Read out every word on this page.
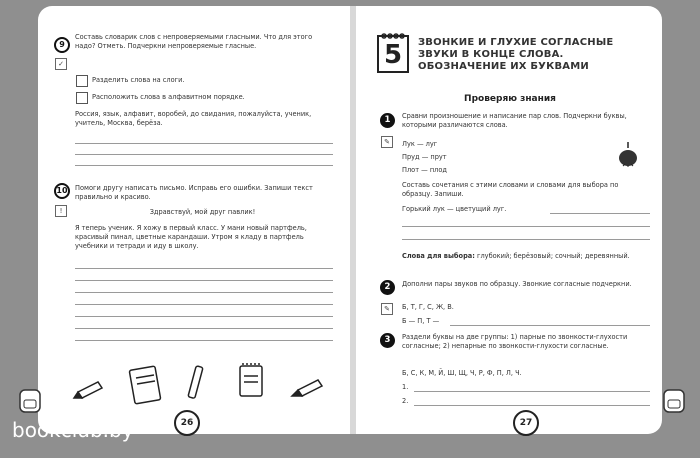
9
✓
Составь словарик слов с непроверяемыми гласными. Что для этого надо? Отметь. Подчеркни непроверяемые гласные.
Разделить слова на слоги.
Расположить слова в алфавитном порядке.
Россия, язык, алфавит, воробей, до свидания, пожалуйста, ученик, учитель, Москва, берёза.
10
!
Помоги другу написать письмо. Исправь его ошибки. Запиши текст правильно и красиво.
Здравствуй, мой друг павлик!
Я теперь ученик. Я хожу в первый класс. У мани новый партфель, красивый пинал, цветные карандаши. Утром я кладу в партфель учебники и тетради и иду в школу.
26
5	ЗВОНКИЕ И ГЛУХИЕ СОГЛАСНЫЕ ЗВУКИ В КОНЦЕ СЛОВА. ОБОЗНАЧЕНИЕ ИХ БУКВАМИ
Проверяю знания
1
✎
Сравни произношение и написание пар слов. Подчеркни буквы, которыми различаются слова.
Лук — луг
Пруд — прут
Плот — плод
Составь сочетания с этими словами и словами для выбора по образцу. Запиши.
Горький лук — цветущий луг.
Слова для выбора: глубокий; берёзовый; сочный; деревянный.
2
✎
Дополни пары звуков по образцу. Звонкие согласные подчеркни.
Б, Т, Г, С, Ж, В.
Б — П, Т —
3	Раздели буквы на две группы: 1) парные по звонкости-глухости согласные; 2) непарные по звонкости-глухости согласные.
Б, С, К, М, Й, Ш, Щ, Ч, Р, Ф, П, Л, Ч.
1.
2.
27
bookclub.by
